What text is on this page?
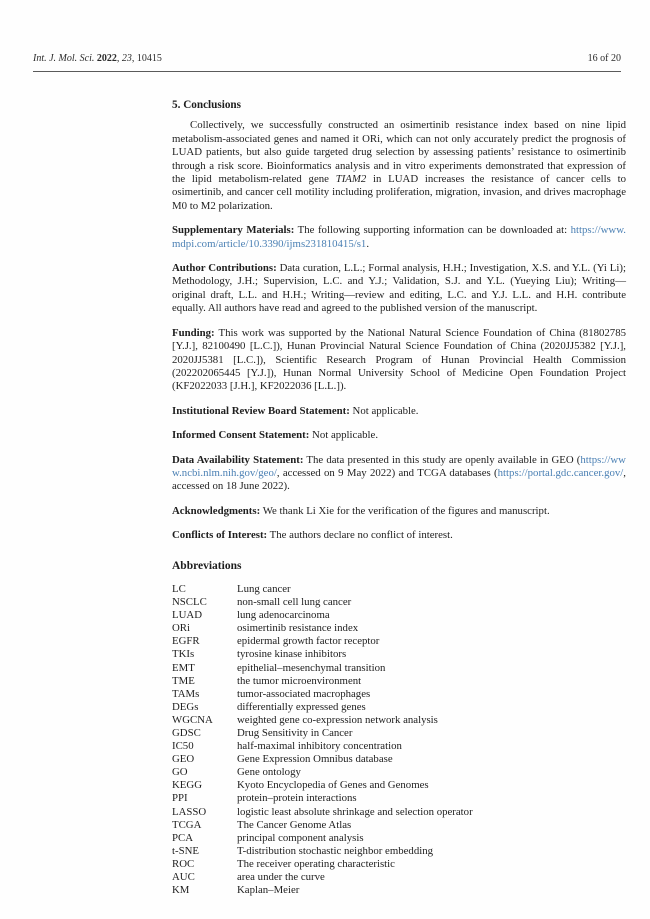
Int. J. Mol. Sci. 2022, 23, 10415	16 of 20
5. Conclusions

Collectively, we successfully constructed an osimertinib resistance index based on nine lipid metabolism-associated genes and named it ORi, which can not only accurately predict the prognosis of LUAD patients, but also guide targeted drug selection by assessing patients’ resistance to osimertinib through a risk score. Bioinformatics analysis and in vitro experiments demonstrated that expression of the lipid metabolism-related gene TIAM2 in LUAD increases the resistance of cancer cells to osimertinib, and cancer cell motility including proliferation, migration, invasion, and drives macrophage M0 to M2 polarization.

Supplementary Materials: The following supporting information can be downloaded at: https://www.mdpi.com/article/10.3390/ijms231810415/s1.

Author Contributions: Data curation, L.L.; Formal analysis, H.H.; Investigation, X.S. and Y.L. (Yi Li); Methodology, J.H.; Supervision, L.C. and Y.J.; Validation, S.J. and Y.L. (Yueying Liu); Writing—original draft, L.L. and H.H.; Writing—review and editing, L.C. and Y.J. L.L. and H.H. contribute equally. All authors have read and agreed to the published version of the manuscript.

Funding: This work was supported by the National Natural Science Foundation of China (81802785 [Y.J.], 82100490 [L.C.]), Hunan Provincial Natural Science Foundation of China (2020JJ5382 [Y.J.], 2020JJ5381 [L.C.]), Scientific Research Program of Hunan Provincial Health Commission (202202065445 [Y.J.]), Hunan Normal University School of Medicine Open Foundation Project (KF2022033 [J.H.], KF2022036 [L.L.]).

Institutional Review Board Statement: Not applicable.

Informed Consent Statement: Not applicable.

Data Availability Statement: The data presented in this study are openly available in GEO (https://www.ncbi.nlm.nih.gov/geo/, accessed on 9 May 2022) and TCGA databases (https://portal.gdc.cancer.gov/, accessed on 18 June 2022).

Acknowledgments: We thank Li Xie for the verification of the figures and manuscript.

Conflicts of Interest: The authors declare no conflict of interest.

Abbreviations
LC	Lung cancer
NSCLC	non-small cell lung cancer
LUAD	lung adenocarcinoma
ORi	osimertinib resistance index
EGFR	epidermal growth factor receptor
TKIs	tyrosine kinase inhibitors
EMT	epithelial–mesenchymal transition
TME	the tumor microenvironment
TAMs	tumor-associated macrophages
DEGs	differentially expressed genes
WGCNA	weighted gene co-expression network analysis
GDSC	Drug Sensitivity in Cancer
IC50	half-maximal inhibitory concentration
GEO	Gene Expression Omnibus database
GO	Gene ontology
KEGG	Kyoto Encyclopedia of Genes and Genomes
PPI	protein–protein interactions
LASSO	logistic least absolute shrinkage and selection operator
TCGA	The Cancer Genome Atlas
PCA	principal component analysis
t-SNE	T-distribution stochastic neighbor embedding
ROC	The receiver operating characteristic
AUC	area under the curve
KM	Kaplan–Meier
